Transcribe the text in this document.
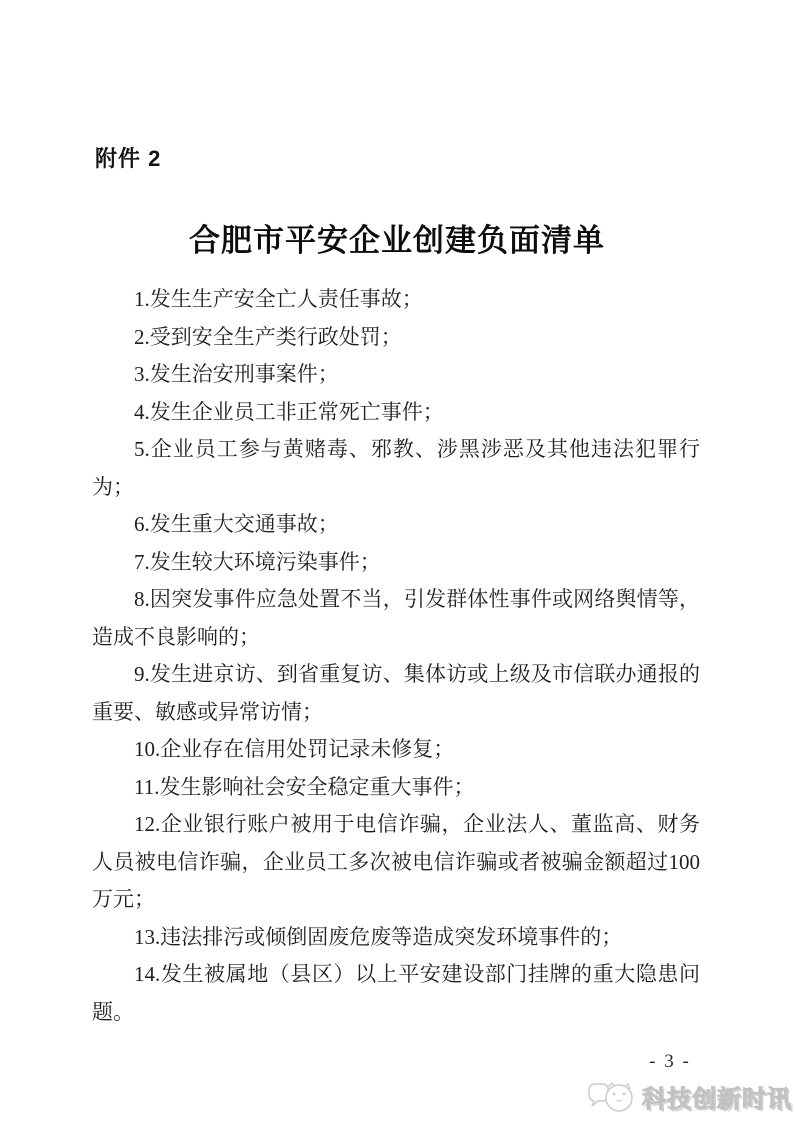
附件 2
合肥市平安企业创建负面清单

1.发生生产安全亡人责任事故；

2.受到安全生产类行政处罚；

3.发生治安刑事案件；

4.发生企业员工非正常死亡事件；

5.企业员工参与黄赌毒、邪教、涉黑涉恶及其他违法犯罪行为；

6.发生重大交通事故；

7.发生较大环境污染事件；

8.因突发事件应急处置不当，引发群体性事件或网络舆情等，造成不良影响的；

9.发生进京访、到省重复访、集体访或上级及市信联办通报的重要、敏感或异常访情；

10.企业存在信用处罚记录未修复；

11.发生影响社会安全稳定重大事件；

12.企业银行账户被用于电信诈骗，企业法人、董监高、财务人员被电信诈骗，企业员工多次被电信诈骗或者被骗金额超过100 万元；

13.违法排污或倾倒固废危废等造成突发环境事件的；

14.发生被属地（县区）以上平安建设部门挂牌的重大隐患问题。

- 3 -
科技创新时讯
